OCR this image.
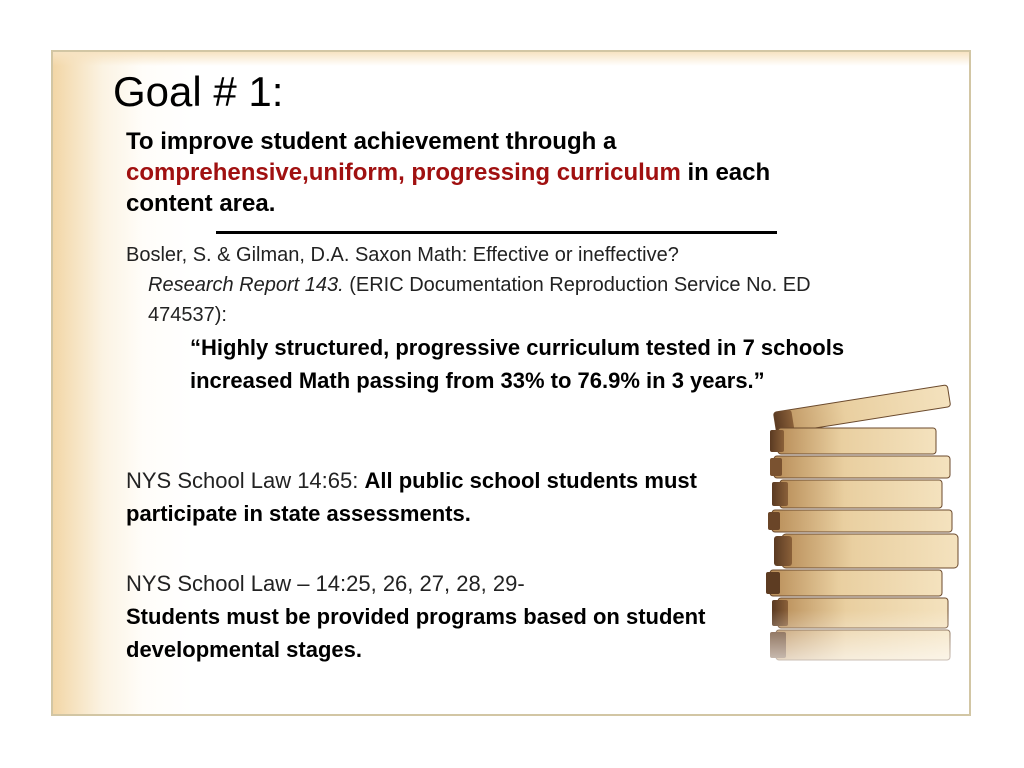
Goal # 1:
To improve student achievement through a comprehensive,uniform, progressing curriculum in each content area.
Bosler, S. & Gilman, D.A. Saxon Math: Effective or ineffective?
Research Report 143. (ERIC Documentation Reproduction Service No. ED 474537):
“Highly structured, progressive curriculum tested in 7 schools increased Math passing from 33% to 76.9% in 3 years.”
NYS School Law 14:65: All public school students must participate in state assessments.
NYS School Law – 14:25, 26, 27, 28, 29-
Students must be provided programs based on student developmental stages.
